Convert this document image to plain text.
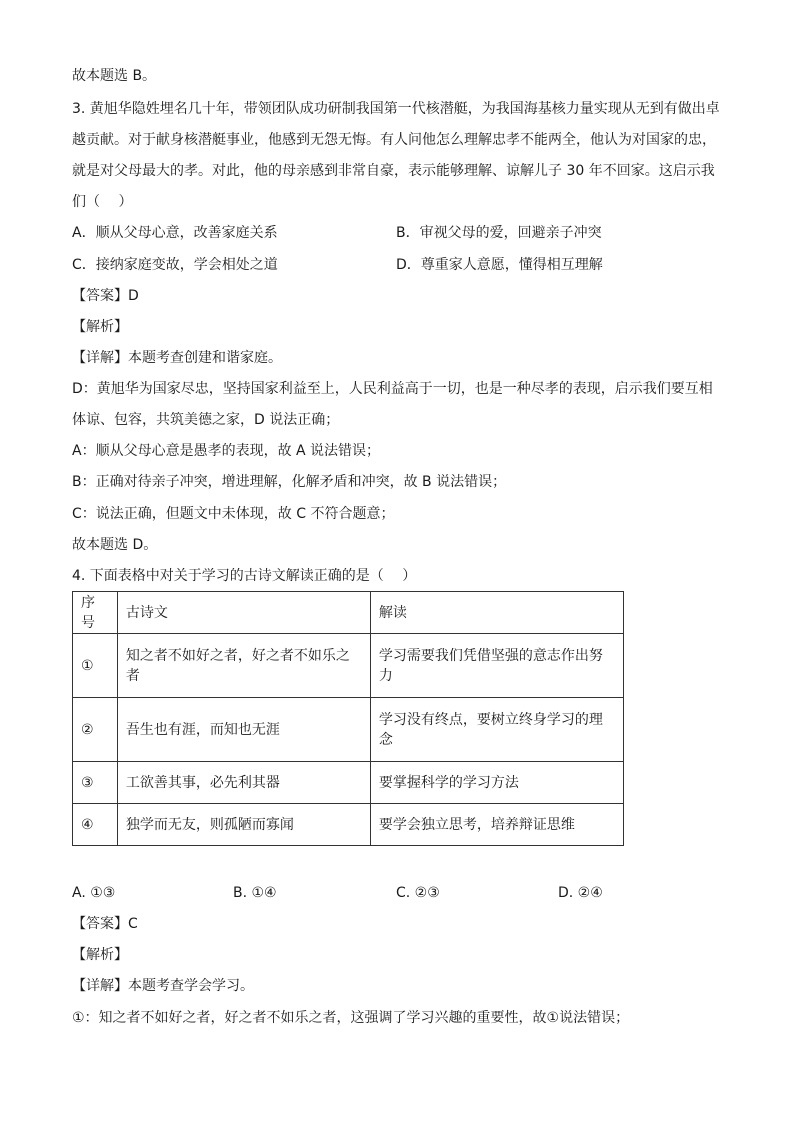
故本题选 B。
3. 黄旭华隐姓埋名几十年，带领团队成功研制我国第一代核潜艇，为我国海基核力量实现从无到有做出卓
越贡献。对于献身核潜艇事业，他感到无怨无悔。有人问他怎么理解忠孝不能两全，他认为对国家的忠，
就是对父母最大的孝。对此，他的母亲感到非常自豪，表示能够理解、谅解儿子 30 年不回家。这启示我
们（　 ）
A．顺从父母心意，改善家庭关系	B．审视父母的爱，回避亲子冲突
C．接纳家庭变故，学会相处之道	D．尊重家人意愿，懂得相互理解
【答案】D
【解析】
【详解】本题考查创建和谐家庭。
D：黄旭华为国家尽忠，坚持国家利益至上，人民利益高于一切，也是一种尽孝的表现，启示我们要互相
体谅、包容，共筑美德之家，D 说法正确；
A：顺从父母心意是愚孝的表现，故 A 说法错误；
B：正确对待亲子冲突，增进理解，化解矛盾和冲突，故 B 说法错误；
C：说法正确，但题文中未体现，故 C 不符合题意；
故本题选 D。
4. 下面表格中对关于学习的古诗文解读正确的是（　 ）
序号	古诗文	解读
①	知之者不如好之者，好之者不如乐之者	学习需要我们凭借坚强的意志作出努力
②	吾生也有涯，而知也无涯	学习没有终点，要树立终身学习的理念
③	工欲善其事，必先利其器	要掌握科学的学习方法
④	独学而无友，则孤陋而寡闻	要学会独立思考，培养辩证思维
A. ①③	B. ①④	C. ②③	D. ②④
【答案】C
【解析】
【详解】本题考查学会学习。
①：知之者不如好之者，好之者不如乐之者，这强调了学习兴趣的重要性，故①说法错误；
